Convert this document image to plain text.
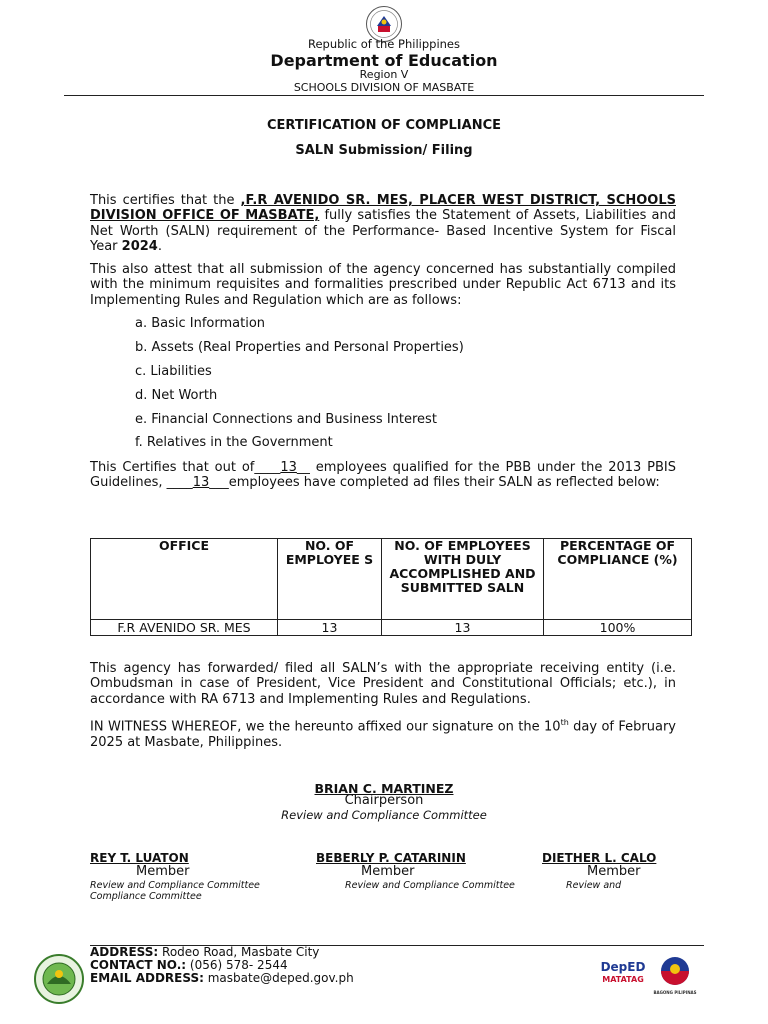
Republic of the Philippines
Department of Education
Region V
SCHOOLS DIVISION OF MASBATE
CERTIFICATION OF COMPLIANCE
SALN Submission/ Filing

This certifies that the ,F.R AVENIDO SR. MES, PLACER WEST DISTRICT, SCHOOLS DIVISION OFFICE OF MASBATE, fully satisfies the Statement of Assets, Liabilities and Net Worth (SALN) requirement of the Performance- Based Incentive System for Fiscal Year 2024.

This also attest that all submission of the agency concerned has substantially compiled with the minimum requisites and formalities prescribed under Republic Act 6713 and its Implementing Rules and Regulation which are as follows:

a. Basic Information
b. Assets (Real Properties and Personal Properties)
c. Liabilities
d. Net Worth
e. Financial Connections and Business Interest
f. Relatives in the Government

This Certifies that out of____13__ employees qualified for the PBB under the 2013 PBIS Guidelines, ____13___employees have completed ad files their SALN as reflected below:

OFFICE	NO. OF EMPLOYEE S	NO. OF EMPLOYEES WITH DULY ACCOMPLISHED AND SUBMITTED SALN	PERCENTAGE OF COMPLIANCE (%)
F.R AVENIDO SR. MES	13	13	100%

This agency has forwarded/ filed all SALN’s with the appropriate receiving entity (i.e. Ombudsman in case of President, Vice President and Constitutional Officials; etc.), in accordance with RA 6713 and Implementing Rules and Regulations.

IN WITNESS WHEREOF, we the hereunto affixed our signature on the 10th day of February 2025 at Masbate, Philippines.

BRIAN C. MARTINEZ
Chairperson
Review and Compliance Committee
REY T. LUATON
Member
Review and Compliance Committee
Compliance Committee
BEBERLY P. CATARININ
Member
Review and Compliance Committee
DIETHER L. CALO
Member
Review and
ADDRESS: Rodeo Road, Masbate City
CONTACT NO.: (056) 578- 2544
EMAIL ADDRESS: masbate@deped.gov.ph
DepED
MATATAG
BAGONG PILIPINAS
